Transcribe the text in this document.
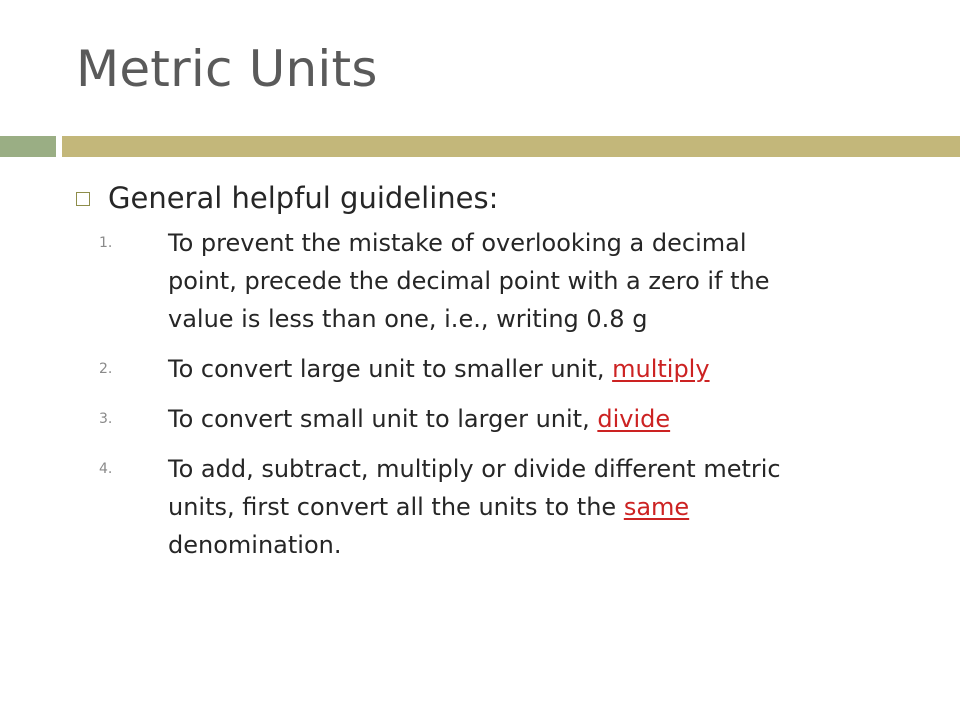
Metric Units
General helpful guidelines:
1.	To prevent the mistake of overlooking a decimal
point, precede the decimal point with a zero if the
value is less than one, i.e., writing 0.8 g
2.	To convert large unit to smaller unit, multiply
3.	To convert small unit to larger unit, divide
4.	To add, subtract, multiply or divide different metric
units, first convert all the units to the same
denomination.
